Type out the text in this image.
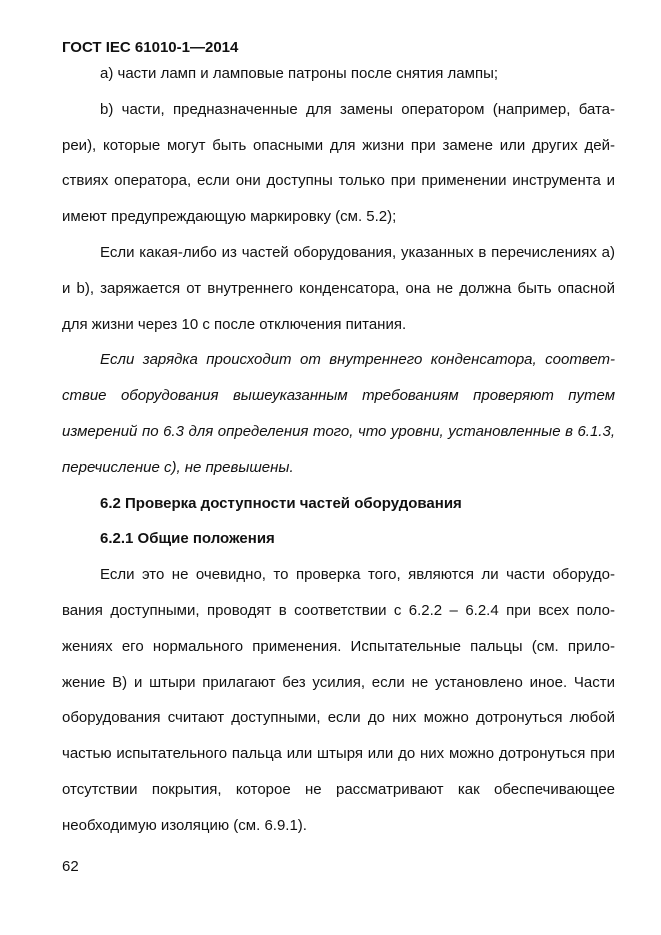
ГОСТ IEC 61010-1—2014

а) части ламп и ламповые патроны после снятия лампы;

b) части, предназначенные для замены оператором (например, бата-реи), которые могут быть опасными для жизни при замене или других дей-ствиях оператора, если они доступны только при применении инструмента и имеют предупреждающую маркировку (см. 5.2);

Если какая-либо из частей оборудования, указанных в перечислениях а) и b), заряжается от внутреннего конденсатора, она не должна быть опасной для жизни через 10 с после отключения питания.

Если зарядка происходит от внутреннего конденсатора, соответ-ствие оборудования вышеуказанным требованиям проверяют путем измерений по 6.3 для определения того, что уровни, установленные в 6.1.3, перечисление с), не превышены.

6.2 Проверка доступности частей оборудования

6.2.1 Общие положения

Если это не очевидно, то проверка того, являются ли части оборудо-вания доступными, проводят в соответствии с 6.2.2 – 6.2.4 при всех поло-жениях его нормального применения. Испытательные пальцы (см. прило-жение В) и штыри прилагают без усилия, если не установлено иное. Части оборудования считают доступными, если до них можно дотронуться любой частью испытательного пальца или штыря или до них можно дотронуться при отсутствии покрытия, которое не рассматривают как обеспечивающее необходимую изоляцию (см. 6.9.1).

62
